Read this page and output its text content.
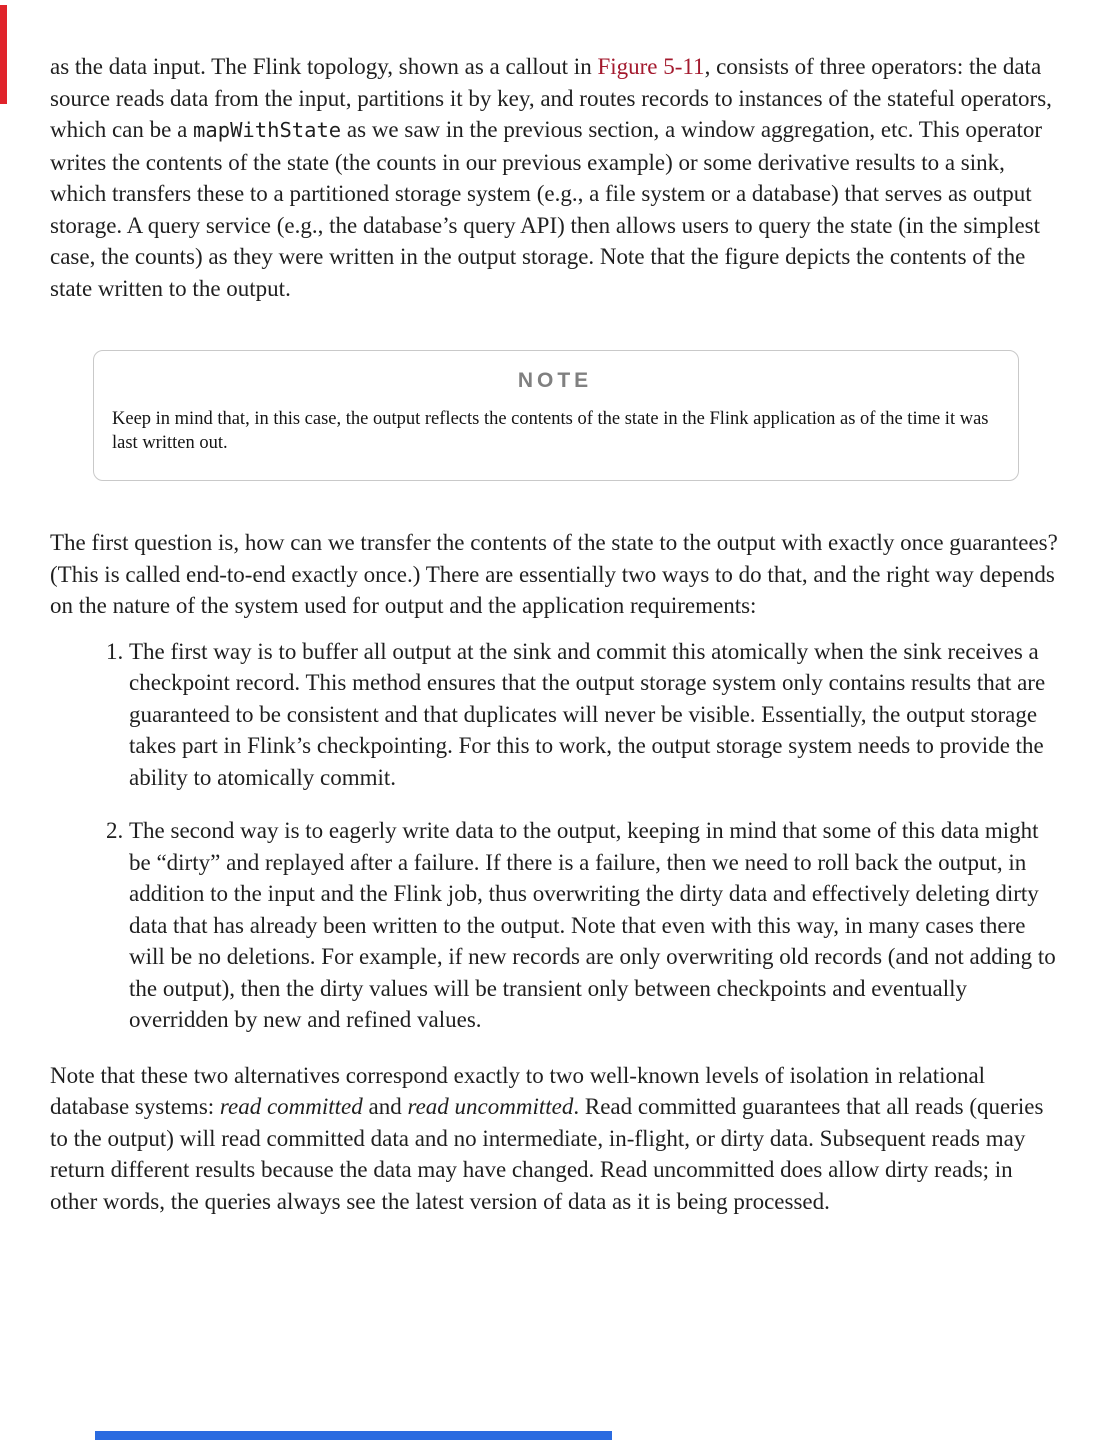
as the data input. The Flink topology, shown as a callout in Figure 5-11, consists of three operators: the data source reads data from the input, partitions it by key, and routes records to instances of the stateful operators, which can be a mapWithState as we saw in the previous section, a window aggregation, etc. This operator writes the contents of the state (the counts in our previous example) or some derivative results to a sink, which transfers these to a partitioned storage system (e.g., a file system or a database) that serves as output storage. A query service (e.g., the database’s query API) then allows users to query the state (in the simplest case, the counts) as they were written in the output storage. Note that the figure depicts the contents of the state written to the output.

NOTE

Keep in mind that, in this case, the output reflects the contents of the state in the Flink application as of the time it was last written out.

The first question is, how can we transfer the contents of the state to the output with exactly once guarantees? (This is called end-to-end exactly once.) There are essentially two ways to do that, and the right way depends on the nature of the system used for output and the application requirements:

1. The first way is to buffer all output at the sink and commit this atomically when the sink receives a checkpoint record. This method ensures that the output storage system only contains results that are guaranteed to be consistent and that duplicates will never be visible. Essentially, the output storage takes part in Flink’s checkpointing. For this to work, the output storage system needs to provide the ability to atomically commit.
2. The second way is to eagerly write data to the output, keeping in mind that some of this data might be “dirty” and replayed after a failure. If there is a failure, then we need to roll back the output, in addition to the input and the Flink job, thus overwriting the dirty data and effectively deleting dirty data that has already been written to the output. Note that even with this way, in many cases there will be no deletions. For example, if new records are only overwriting old records (and not adding to the output), then the dirty values will be transient only between checkpoints and eventually overridden by new and refined values.

Note that these two alternatives correspond exactly to two well-known levels of isolation in relational database systems: read committed and read uncommitted. Read committed guarantees that all reads (queries to the output) will read committed data and no intermediate, in-flight, or dirty data. Subsequent reads may return different results because the data may have changed. Read uncommitted does allow dirty reads; in other words, the queries always see the latest version of data as it is being processed.
